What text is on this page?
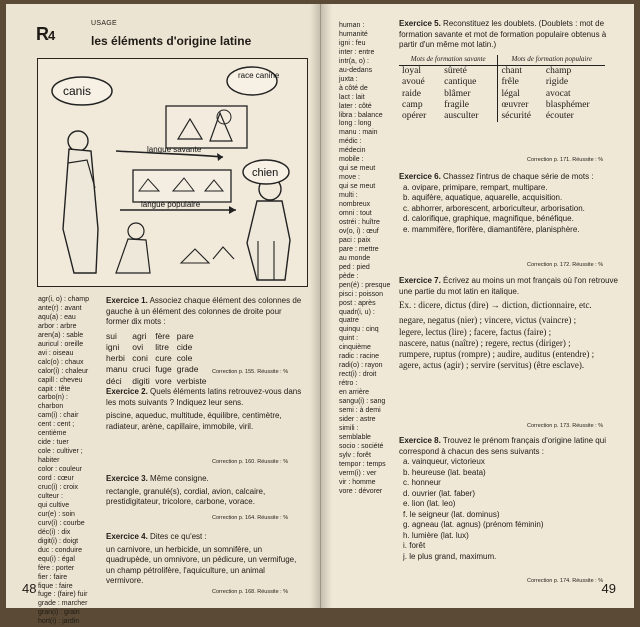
R4
USAGE
les éléments d'origine latine
canis
race canine
langue savante
langue populaire
chien
agr(i, o) : champ
ante(r) : avant
aqu(a) : eau
arbor : arbre
aren(a) : sable
auricul : oreille
avi : oiseau
calc(o) : chaux
calor(i) : chaleur
capill : cheveu
capit : tête
carbo(n) :
charbon
cam(i) : chair
cent : cent ;
centième
cide : tuer
cole : cultiver ;
habiter
color : couleur
cord : cœur
cruc(i) : croix
culteur :
qui cultive
cur(e) : soin
curv(i) : courbe
déc(i) : dix
digit(i) : doigt
duc : conduire
equ(i) : égal
fère : porter
fier : faire
fique : faire
fuge : (faire) fuir
grade : marcher
gran(i) : grain
hort(i) : jardin
Exercice 1. Associez chaque élément des colonnes de gauche à un élément des colonnes de droite pour former dix mots :
sui	agri	fère	pare
igni	ovi	litre	cide
herbi	coni	cure	cole
manu	cruci	fuge	grade
déci	digiti	vore	verbiste
Correction p. 155. Réussite : %
Exercice 2. Quels éléments latins retrouvez-vous dans les mots suivants ? Indiquez leur sens.
piscine, aqueduc, multitude, équilibre, centimètre, radiateur, arène, capillaire, immobile, viril.
Correction p. 160. Réussite : %
Exercice 3. Même consigne.
rectangle, granulé(s), cordial, avion, calcaire, prestidigitateur, tricolore, carbone, vorace.
Correction p. 164. Réussite : %
Exercice 4. Dites ce qu'est :
un carnivore, un herbicide, un somnifère, un quadrupède, un omnivore, un pédicure, un vermifuge, un champ pétrolifère, l'aquiculture, un animal vermivore.
Correction p. 168. Réussite : %
48
human :
humanité
igni : feu
inter : entre
intr(a, o) :
au-dedans
juxta :
à côté de
lact : lait
later : côté
libra : balance
long : long
manu : main
médic :
médecin
mobile :
qui se meut
move :
qui se meut
multi :
nombreux
omni : tout
ostréi : huître
ov(o, i) : œuf
paci : paix
pare : mettre
au monde
ped : pied
pède :
pen(é) : presque
pisci : poisson
post : après
quadr(i, u) :
quatre
quinqu : cinq
quint :
cinquième
radic : racine
radi(o) : rayon
rect(i) : droit
rétro :
en arrière
sangu(i) : sang
semi : à demi
sider : astre
simili :
semblable
socio : société
sylv : forêt
tempor : temps
verm(i) : ver
vir : homme
vore : dévorer
Exercice 5. Reconstituez les doublets. (Doublets : mot de formation savante et mot de formation populaire obtenus à partir d'un même mot latin.)
Mots de formation savante		Mots de formation populaire	
loyal	sûreté	chant	champ
avoué	cantique	frêle	rigide
raide	blâmer	légal	avocat
camp	fragile	œuvrer	blasphémer
opérer	ausculter	sécurité	écouter
Correction p. 171. Réussite : %
Exercice 6. Chassez l'intrus de chaque série de mots :
a. ovipare, primipare, rempart, multipare.
b. aquifère, aquatique, aquarelle, acquisition.
c. abhorrer, arborescent, arboriculteur, arborisation.
d. calorifique, graphique, magnifique, bénéfique.
e. mammifère, florifère, diamantifère, planisphère.
Correction p. 172. Réussite : %
Exercice 7. Écrivez au moins un mot français où l'on retrouve une partie du mot latin en italique.
Ex. : dicere, dictus (dire) → diction, dictionnaire, etc.
negare, negatus (nier) ; vincere, victus (vaincre) ;
legere, lectus (lire) ; facere, factus (faire) ;
nascere, natus (naître) ; regere, rectus (diriger) ;
rumpere, ruptus (rompre) ; audire, auditus (entendre) ;
agere, actus (agir) ; servire (servitus) (être esclave).
Correction p. 173. Réussite : %
Exercice 8. Trouvez le prénom français d'origine latine qui correspond à chacun des sens suivants :
a. vainqueur, victorieux
b. heureuse (lat. beata)
c. honneur
d. ouvrier (lat. faber)
e. lion (lat. leo)
f. le seigneur (lat. dominus)
g. agneau (lat. agnus) (prénom féminin)
h. lumière (lat. lux)
i. forêt
j. le plus grand, maximum.
Correction p. 174. Réussite : %
49
